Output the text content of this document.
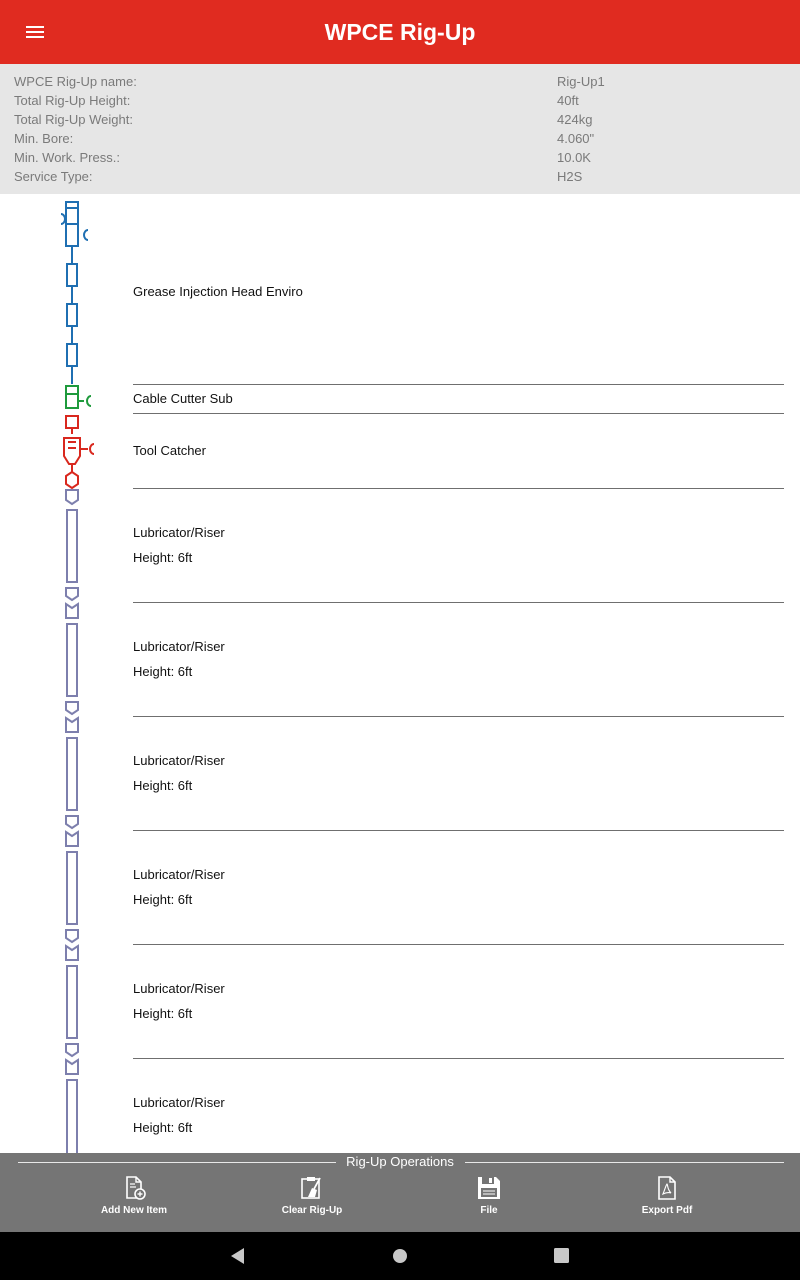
WPCE Rig-Up
WPCE Rig-Up name:	Rig-Up1
Total Rig-Up Height:	40ft
Total Rig-Up Weight:	424kg
Min. Bore:	4.060"
Min. Work. Press.:	10.0K
Service Type:	H2S
Grease Injection Head Enviro
Cable Cutter Sub
Tool Catcher
Lubricator/Riser
Height: 6ft
Lubricator/Riser
Height: 6ft
Lubricator/Riser
Height: 6ft
Lubricator/Riser
Height: 6ft
Lubricator/Riser
Height: 6ft
Lubricator/Riser
Height: 6ft
Rig-Up Operations
Add New Item	Clear Rig-Up	File	Export Pdf
